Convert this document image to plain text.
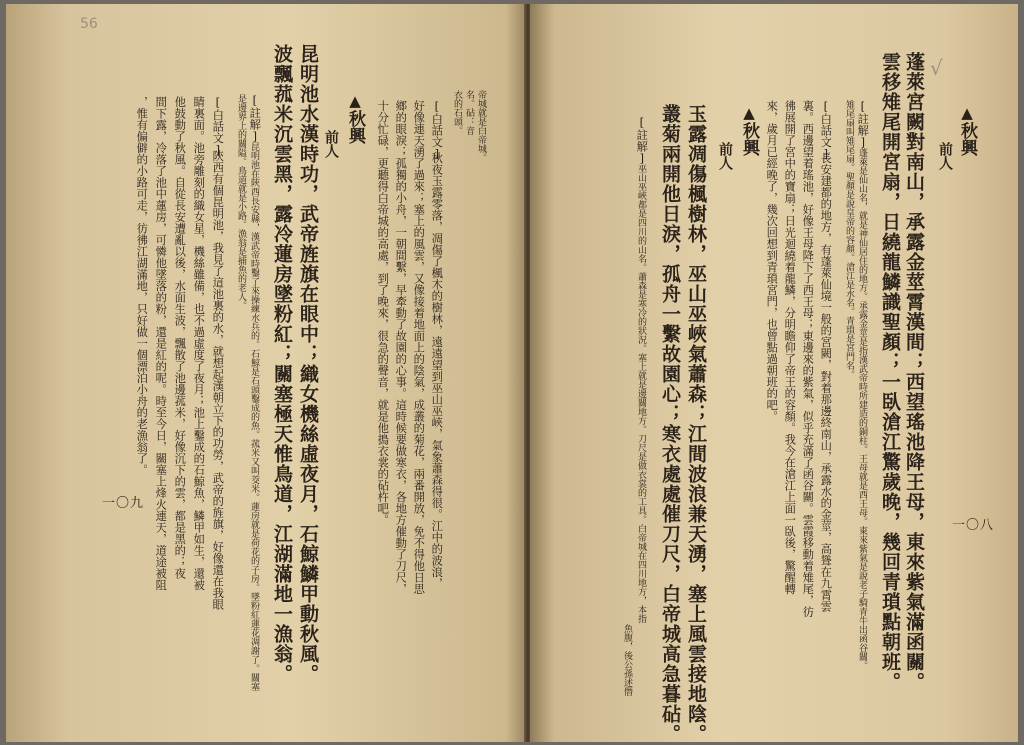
56
帝城就是白帝城。
名。砧：音
衣的石頭。
[白話文]
秋夜玉露零落，凋傷了楓木的樹林，遠遠望到巫山巫峽，氣象蕭森得很。江中的波浪，
好像連天湧了過來；塞上的風雲，又像接着地面上的陰氣，成叢的菊花，兩番開放，免不得他日思
鄉的眼淚；孤獨的小舟，一朝間繫，早牽動了故園的心事。這時候要做寒衣，各地方催動了刀尺，
十分忙碌，更聽得白帝城的高處，到了晚來，很急的聲音，就是他搗衣裳的砧杵吧。
▲秋興
前人
昆明池水漢時功，武帝旌旗在眼中；織女機絲虛夜月，石鯨鱗甲動秋風。
波飄菰米沉雲黑，露冷蓮房墜粉紅；關塞極天惟鳥道，江湖滿地一漁翁。
[註解]
昆明池在陝西長安縣，漢武帝時鑿了來操練水兵的。石鯨是石頭鑿成的魚。菰米又叫茭米。蓮房就是荷花的子房。墜粉紅蓮花凋謝了。關塞
是邊界上的關隘。鳥道就是小路。漁翁是捕魚的老人。
[白話文]
陝西有個昆明池，我見了這池裏的水，就想起漢朝立下的功勞，武帝的旌旗，好像還在我眼
睛裏面。池旁雕刻的織女星，機絲雖備，也不過虛度了夜月；池上鑿成的石鯨魚，鱗甲如生，還被
他鼓動了秋風。自從長安遭亂以後，水面生波，飄散了池邊菰米，好像沉下的雲，都是黑的；夜
間下露，冷落了池中蓮房，可憐他墜落的粉，還是紅的呢。時至今日，關塞上烽火連天，道途被阻
，惟有偏僻的小路可走，彷彿江湖滿地，只好做一個漂泊小舟的老漁翁了。
一〇九
√
▲秋興
前人
蓬萊宮闕對南山，承露金莖霄漢間；西望瑤池降王母，東來紫氣滿函關。
雲移雉尾開宮扇，日繞龍鱗識聖顏；一臥滄江驚歲晚，幾回青瑣點朝班。
[註解]
蓬萊是仙山名，就是神仙居住的地方。承露金莖是指漢武帝時所建造的銅柱。王母就是西王母。東來紫氣是說老子騎青牛出函谷關。
雉尾扇叫雉尾扇。聖顏是說皇帝的容顏。滄江是水名。青瑣是宮門名。
[白話文]
長安建都的地方，有蓬萊仙境一般的宮闕，對着那邊終南山，承露水的金莖，高聳在九霄雲
裏。西邊望着瑤池，好像王母降下了西王母；東邊來的紫氣，似乎充滿了函谷關。雲霞移動着雉尾，彷
彿展開了宮中的寶扇；日光迴繞着龍鱗，分明瞻仰了帝王的容顏。我今在滄江上面一臥後，驚醒轉
來，歲月已經晚了，幾次回想到青瑣宮門，也曾點過朝班的吧。
▲秋興
前人
玉露凋傷楓樹林，巫山巫峽氣蕭森；江間波浪兼天湧，塞上風雲接地陰。
叢菊兩開他日淚，孤舟一繫故園心；寒衣處處催刀尺，白帝城高急暮砧。
[註解]
巫山巫峽都是四川的山名。蕭森是寒冷的狀況。塞上就是邊關地方。刀尺是做衣裳的工具。白帝城在四川地方，本指
魚腹，後公孫述僭
一〇八
